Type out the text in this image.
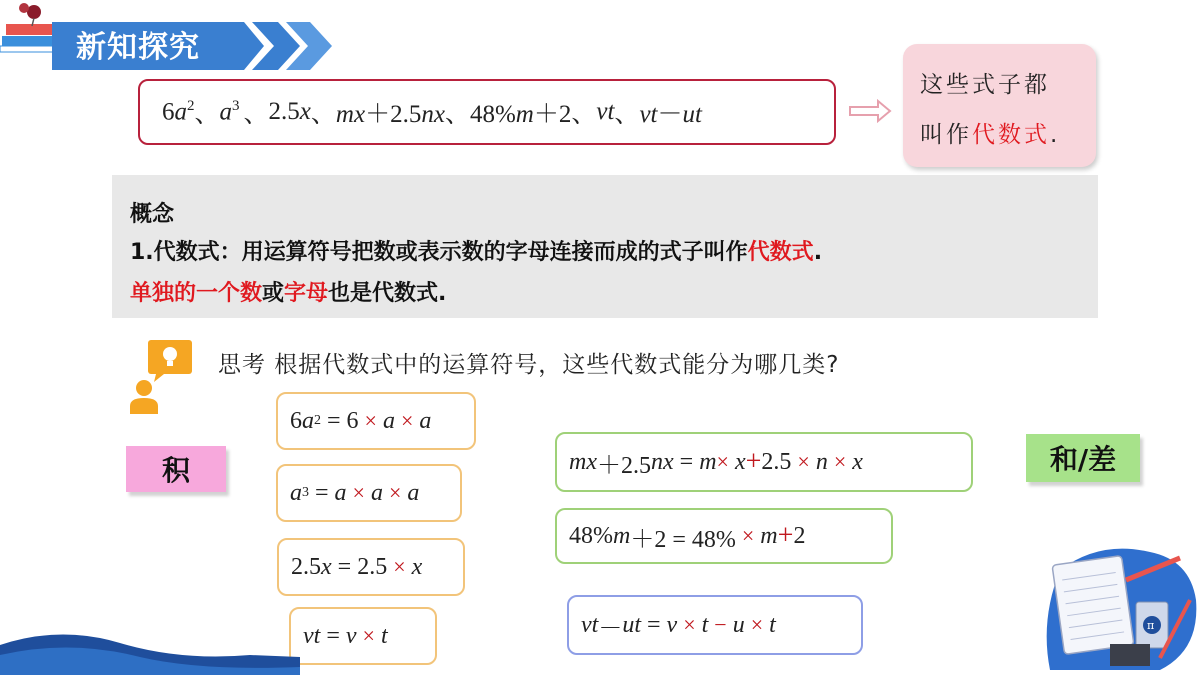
新知探究
$6a^2$ 、 $a^3$ 、 2.5x 、 mx＋2.5nx 、 48%m＋2 、 vt 、 vt－ut
这些式子都
叫作代数式.
概念
1.代数式：用运算符号把数或表示数的字母连接而成的式子叫作代数式.
单独的一个数或字母也是代数式.
思考 根据代数式中的运算符号，这些代数式能分为哪几类?
积	和/差
6 a 2 = 6 ×
a
×
a
a 3 = a
×
a
×
a
2.5 x = 2.5 ×
x
vt = v
×
t
mx ＋2.5 nx = m ×
x + 2.5 ×
n
×
x
48% m ＋2 = 48% ×
m + 2
vt － ut = v
×
t
−
u
×
t	π
